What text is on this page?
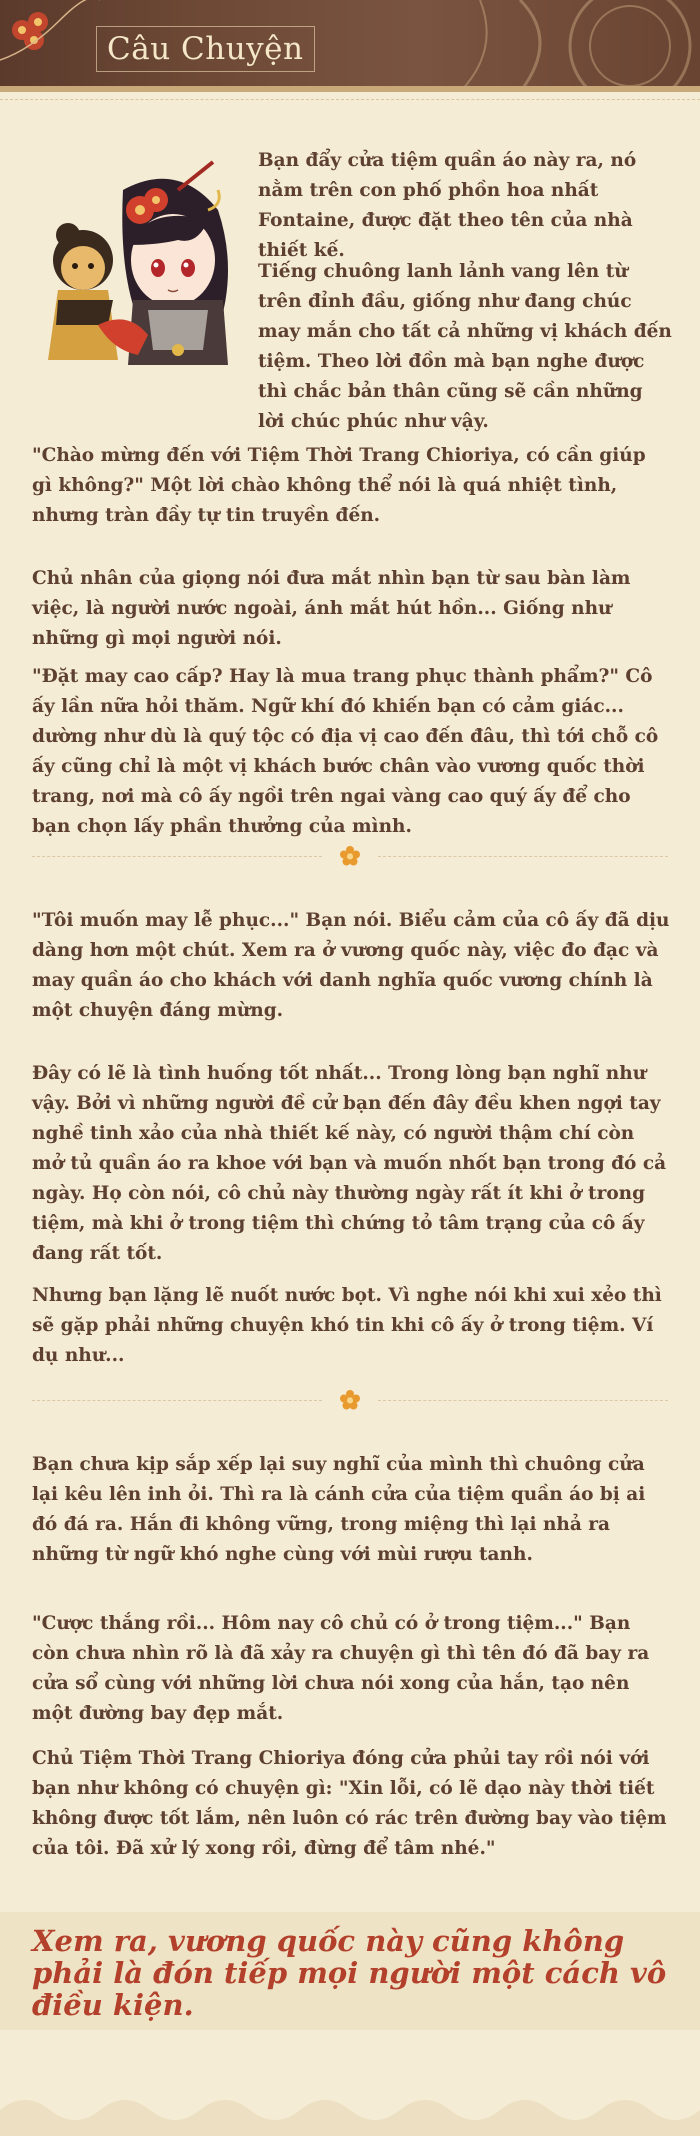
Câu Chuyện

Bạn đẩy cửa tiệm quần áo này ra, nó nằm trên con phố phồn hoa nhất Fontaine, được đặt theo tên của nhà thiết kế.

Tiếng chuông lanh lảnh vang lên từ trên đỉnh đầu, giống như đang chúc may mắn cho tất cả những vị khách đến tiệm. Theo lời đồn mà bạn nghe được thì chắc bản thân cũng sẽ cần những lời chúc phúc như vậy.

"Chào mừng đến với Tiệm Thời Trang Chioriya, có cần giúp gì không?" Một lời chào không thể nói là quá nhiệt tình, nhưng tràn đầy tự tin truyền đến.

Chủ nhân của giọng nói đưa mắt nhìn bạn từ sau bàn làm việc, là người nước ngoài, ánh mắt hút hồn... Giống như những gì mọi người nói.

"Đặt may cao cấp? Hay là mua trang phục thành phẩm?" Cô ấy lần nữa hỏi thăm. Ngữ khí đó khiến bạn có cảm giác... dường như dù là quý tộc có địa vị cao đến đâu, thì tới chỗ cô ấy cũng chỉ là một vị khách bước chân vào vương quốc thời trang, nơi mà cô ấy ngồi trên ngai vàng cao quý ấy để cho bạn chọn lấy phần thưởng của mình.

"Tôi muốn may lễ phục..." Bạn nói. Biểu cảm của cô ấy đã dịu dàng hơn một chút. Xem ra ở vương quốc này, việc đo đạc và may quần áo cho khách với danh nghĩa quốc vương chính là một chuyện đáng mừng.

Đây có lẽ là tình huống tốt nhất... Trong lòng bạn nghĩ như vậy. Bởi vì những người đề cử bạn đến đây đều khen ngợi tay nghề tinh xảo của nhà thiết kế này, có người thậm chí còn mở tủ quần áo ra khoe với bạn và muốn nhốt bạn trong đó cả ngày. Họ còn nói, cô chủ này thường ngày rất ít khi ở trong tiệm, mà khi ở trong tiệm thì chứng tỏ tâm trạng của cô ấy đang rất tốt.

Nhưng bạn lặng lẽ nuốt nước bọt. Vì nghe nói khi xui xẻo thì sẽ gặp phải những chuyện khó tin khi cô ấy ở trong tiệm. Ví dụ như...

Bạn chưa kịp sắp xếp lại suy nghĩ của mình thì chuông cửa lại kêu lên inh ỏi. Thì ra là cánh cửa của tiệm quần áo bị ai đó đá ra. Hắn đi không vững, trong miệng thì lại nhả ra những từ ngữ khó nghe cùng với mùi rượu tanh.

"Cược thắng rồi... Hôm nay cô chủ có ở trong tiệm..." Bạn còn chưa nhìn rõ là đã xảy ra chuyện gì thì tên đó đã bay ra cửa sổ cùng với những lời chưa nói xong của hắn, tạo nên một đường bay đẹp mắt.

Chủ Tiệm Thời Trang Chioriya đóng cửa phủi tay rồi nói với bạn như không có chuyện gì: "Xin lỗi, có lẽ dạo này thời tiết không được tốt lắm, nên luôn có rác trên đường bay vào tiệm của tôi. Đã xử lý xong rồi, đừng để tâm nhé."

Xem ra, vương quốc này cũng không phải là đón tiếp mọi người một cách vô điều kiện.
